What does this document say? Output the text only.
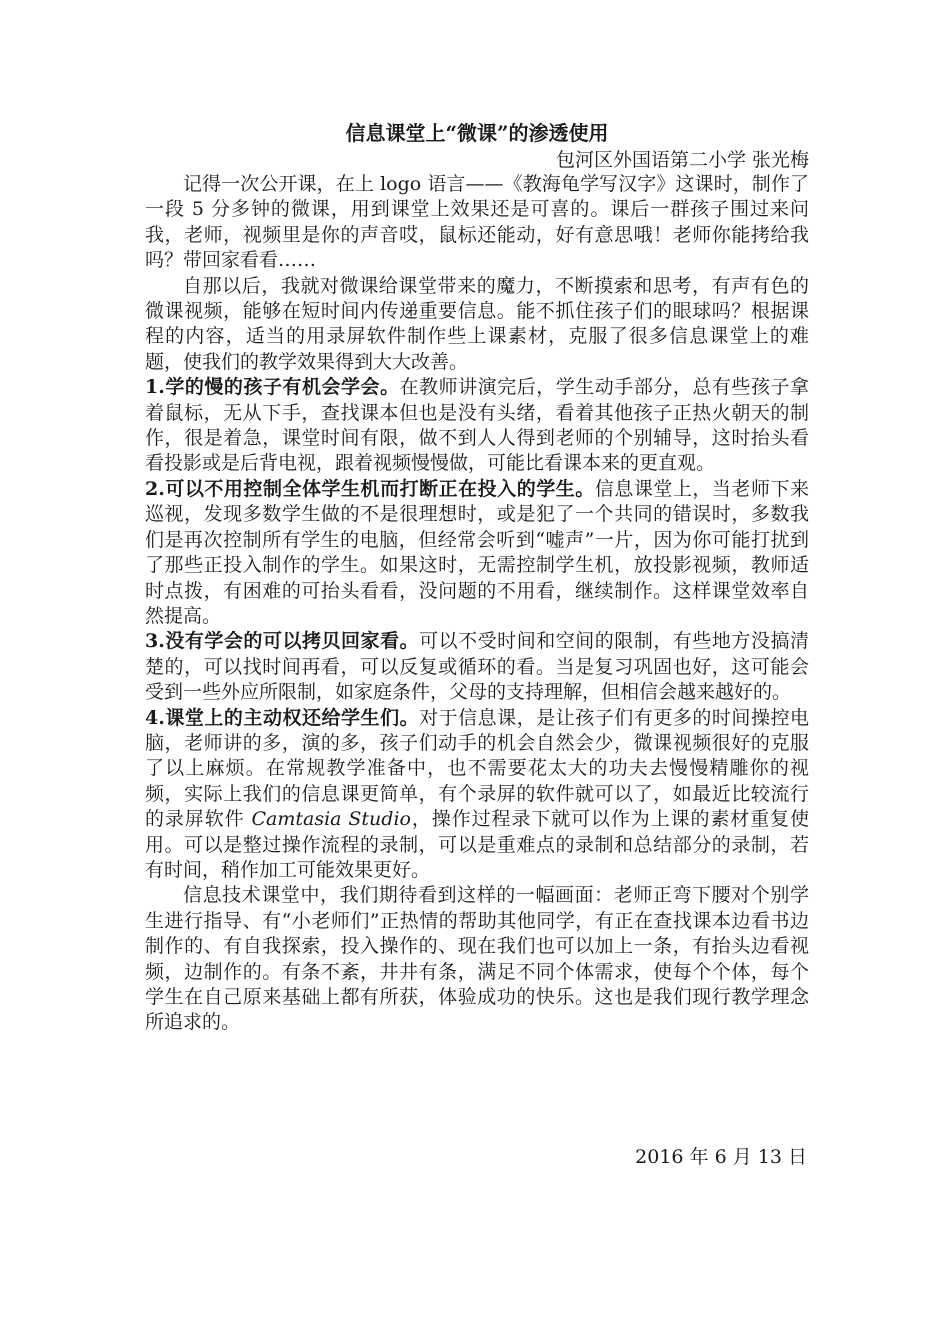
信息课堂上“微课”的渗透使用

包河区外国语第二小学 张光梅

记得一次公开课，在上 logo 语言——《教海龟学写汉字》这课时，制作了一段 5 分多钟的微课，用到课堂上效果还是可喜的。课后一群孩子围过来问我，老师，视频里是你的声音哎，鼠标还能动，好有意思哦！老师你能拷给我吗？带回家看看……

自那以后，我就对微课给课堂带来的魔力，不断摸索和思考，有声有色的微课视频，能够在短时间内传递重要信息。能不抓住孩子们的眼球吗？根据课程的内容，适当的用录屏软件制作些上课素材，克服了很多信息课堂上的难题，使我们的教学效果得到大大改善。

1.学的慢的孩子有机会学会。在教师讲演完后，学生动手部分，总有些孩子拿着鼠标，无从下手，查找课本但也是没有头绪，看着其他孩子正热火朝天的制作，很是着急，课堂时间有限，做不到人人得到老师的个别辅导，这时抬头看看投影或是后背电视，跟着视频慢慢做，可能比看课本来的更直观。

2.可以不用控制全体学生机而打断正在投入的学生。信息课堂上，当老师下来巡视，发现多数学生做的不是很理想时，或是犯了一个共同的错误时，多数我们是再次控制所有学生的电脑，但经常会听到“嘘声”一片，因为你可能打扰到了那些正投入制作的学生。如果这时，无需控制学生机，放投影视频，教师适时点拨，有困难的可抬头看看，没问题的不用看，继续制作。这样课堂效率自然提高。

3.没有学会的可以拷贝回家看。可以不受时间和空间的限制，有些地方没搞清楚的，可以找时间再看，可以反复或循环的看。当是复习巩固也好，这可能会受到一些外应所限制，如家庭条件，父母的支持理解，但相信会越来越好的。

4.课堂上的主动权还给学生们。对于信息课，是让孩子们有更多的时间操控电脑，老师讲的多，演的多，孩子们动手的机会自然会少，微课视频很好的克服了以上麻烦。在常规教学准备中，也不需要花太大的功夫去慢慢精雕你的视频，实际上我们的信息课更简单，有个录屏的软件就可以了，如最近比较流行的录屏软件 Camtasia Studio，操作过程录下就可以作为上课的素材重复使用。可以是整过操作流程的录制，可以是重难点的录制和总结部分的录制，若有时间，稍作加工可能效果更好。

信息技术课堂中，我们期待看到这样的一幅画面：老师正弯下腰对个别学生进行指导、有“小老师们”正热情的帮助其他同学，有正在查找课本边看书边制作的、有自我探索，投入操作的、现在我们也可以加上一条，有抬头边看视频，边制作的。有条不紊，井井有条，满足不同个体需求，使每个个体，每个学生在自己原来基础上都有所获，体验成功的快乐。这也是我们现行教学理念所追求的。

2016 年 6 月 13 日
